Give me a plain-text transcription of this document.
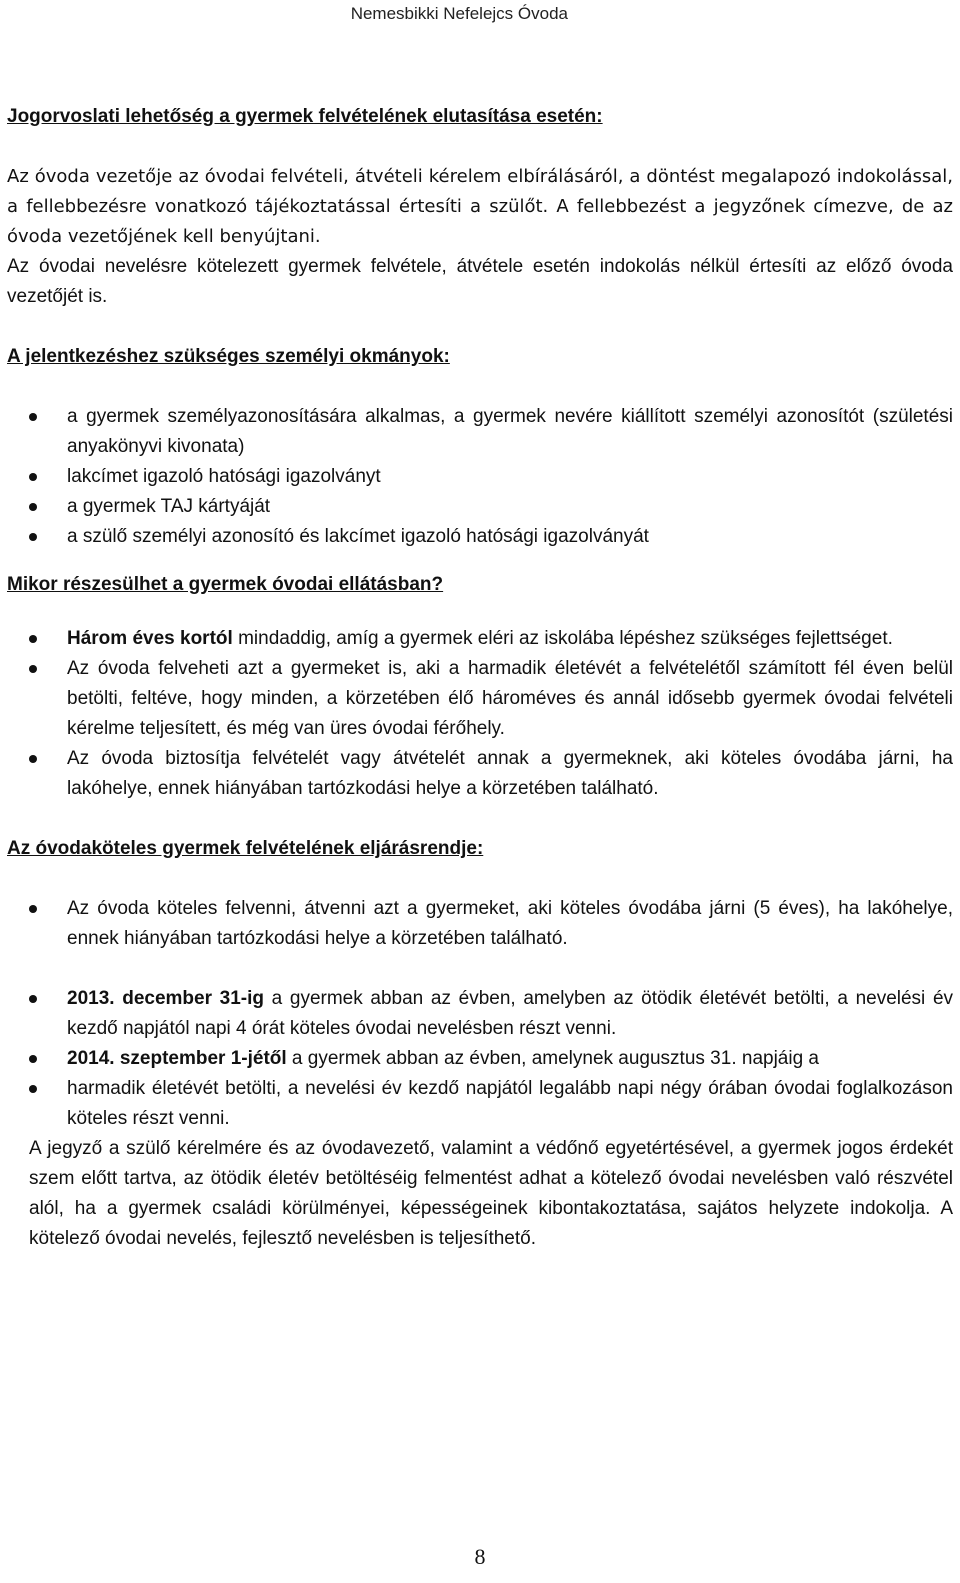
Nemesbikki Nefelejcs Óvoda

Jogorvoslati lehetőség a gyermek felvételének elutasítása esetén:

Az óvoda vezetője az óvodai felvételi, átvételi kérelem elbírálásáról, a döntést megalapozó indokolással, a fellebbezésre vonatkozó tájékoztatással értesíti a szülőt. A fellebbezést a jegyzőnek címezve, de az óvoda vezetőjének kell benyújtani.

Az óvodai nevelésre kötelezett gyermek felvétele, átvétele esetén indokolás nélkül értesíti az előző óvoda vezetőjét is.

A jelentkezéshez szükséges személyi okmányok:

a gyermek személyazonosítására alkalmas, a gyermek nevére kiállított személyi azonosítót (születési anyakönyvi kivonata)
lakcímet igazoló hatósági igazolványt
a gyermek TAJ kártyáját
a szülő személyi azonosító és lakcímet igazoló hatósági igazolványát

Mikor részesülhet a gyermek óvodai ellátásban?

Három éves kortól mindaddig, amíg a gyermek eléri az iskolába lépéshez szükséges fejlettséget.
Az óvoda felveheti azt a gyermeket is, aki a harmadik életévét a felvételétől számított fél éven belül betölti, feltéve, hogy minden, a körzetében élő hároméves és annál idősebb gyermek óvodai felvételi kérelme teljesített, és még van üres óvodai férőhely.
Az óvoda biztosítja felvételét vagy átvételét annak a gyermeknek, aki köteles óvodába járni, ha lakóhelye, ennek hiányában tartózkodási helye a körzetében található.

Az óvodaköteles gyermek felvételének eljárásrendje:

Az óvoda köteles felvenni, átvenni azt a gyermeket, aki köteles óvodába járni (5 éves), ha lakóhelye, ennek hiányában tartózkodási helye a körzetében található.
2013. december 31-ig a gyermek abban az évben, amelyben az ötödik életévét betölti, a nevelési év kezdő napjától napi 4 órát köteles óvodai nevelésben részt venni.
2014. szeptember 1-jétől a gyermek abban az évben, amelynek augusztus 31. napjáig a
harmadik életévét betölti, a nevelési év kezdő napjától legalább napi négy órában óvodai foglalkozáson köteles részt venni.

A jegyző a szülő kérelmére és az óvodavezető, valamint a védőnő egyetértésével, a gyermek jogos érdekét szem előtt tartva, az ötödik életév betöltéséig felmentést adhat a kötelező óvodai nevelésben való részvétel alól, ha a gyermek családi körülményei, képességeinek kibontakoztatása, sajátos helyzete indokolja. A kötelező óvodai nevelés, fejlesztő nevelésben is teljesíthető.

8
